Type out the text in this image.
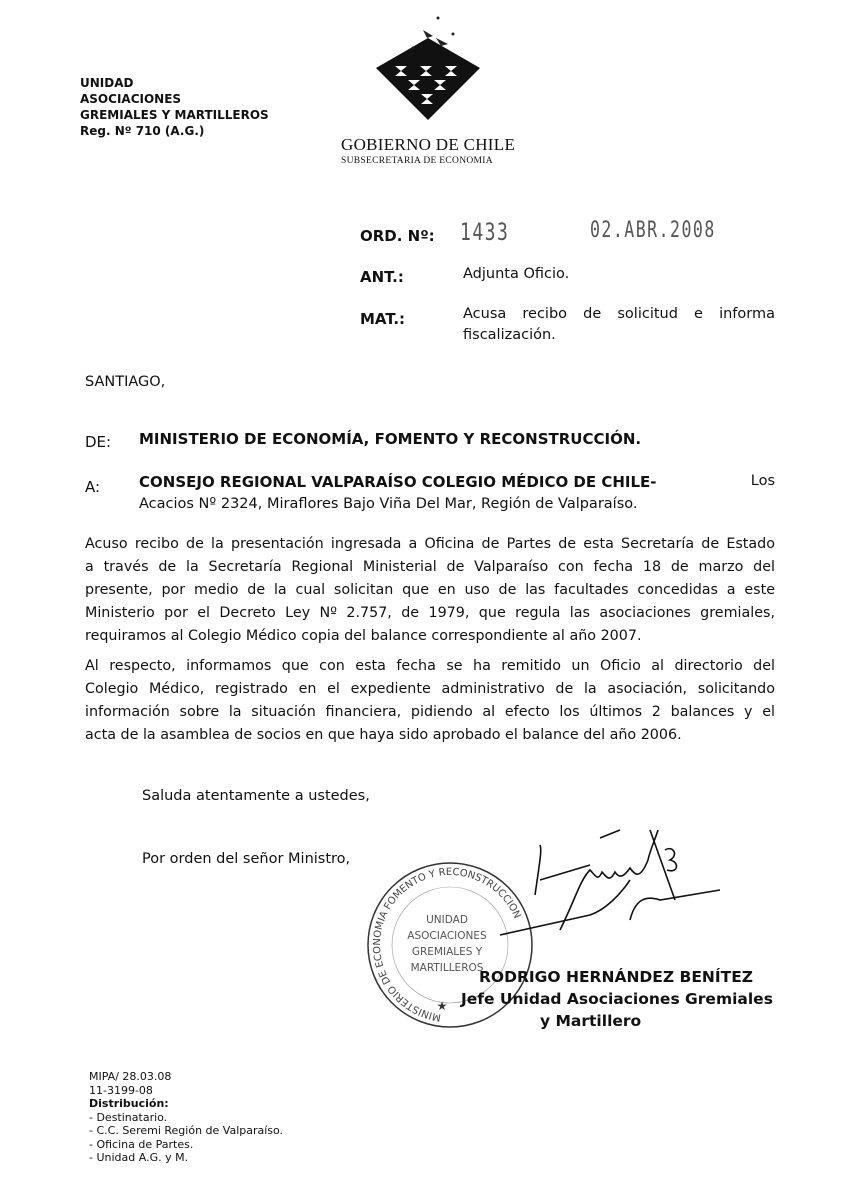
UNIDAD
ASOCIACIONES
GREMIALES Y MARTILLEROS
Reg. Nº 710 (A.G.)
GOBIERNO DE CHILE
SUBSECRETARIA DE ECONOMIA
ORD. Nº: 1433	02.ABR.2008
ANT.:	Adjunta Oficio.
MAT.:	Acusa recibo de solicitud e informa
fiscalización.
SANTIAGO,
DE: MINISTERIO DE ECONOMÍA, FOMENTO Y RECONSTRUCCIÓN.
A:	CONSEJO REGIONAL VALPARAÍSO COLEGIO MÉDICO DE CHILE-	Los
Acacios Nº 2324, Miraflores Bajo Viña Del Mar, Región de Valparaíso.
Acuso recibo de la presentación ingresada a Oficina de Partes de esta Secretaría de Estado
a través de la Secretaría Regional Ministerial de Valparaíso con fecha 18 de marzo del
presente, por medio de la cual solicitan que en uso de las facultades concedidas a este
Ministerio por el Decreto Ley Nº 2.757, de 1979, que regula las asociaciones gremiales,
requiramos al Colegio Médico copia del balance correspondiente al año 2007.
Al respecto, informamos que con esta fecha se ha remitido un Oficio al directorio del
Colegio Médico, registrado en el expediente administrativo de la asociación, solicitando
información sobre la situación financiera, pidiendo al efecto los últimos 2 balances y el
acta de la asamblea de socios en que haya sido aprobado el balance del año 2006.
Saluda atentamente a ustedes,
Por orden del señor Ministro,
MINISTERIO DE ECONOMIA FOMENTO Y RECONSTRUCCION
★
UNIDAD
ASOCIACIONES
GREMIALES Y
MARTILLEROS
RODRIGO HERNÁNDEZ BENÍTEZ
Jefe Unidad Asociaciones Gremiales
y Martillero
MIPA/ 28.03.08
11-3199-08
Distribución:
- Destinatario.
- C.C. Seremi Región de Valparaíso.
- Oficina de Partes.
- Unidad A.G. y M.
